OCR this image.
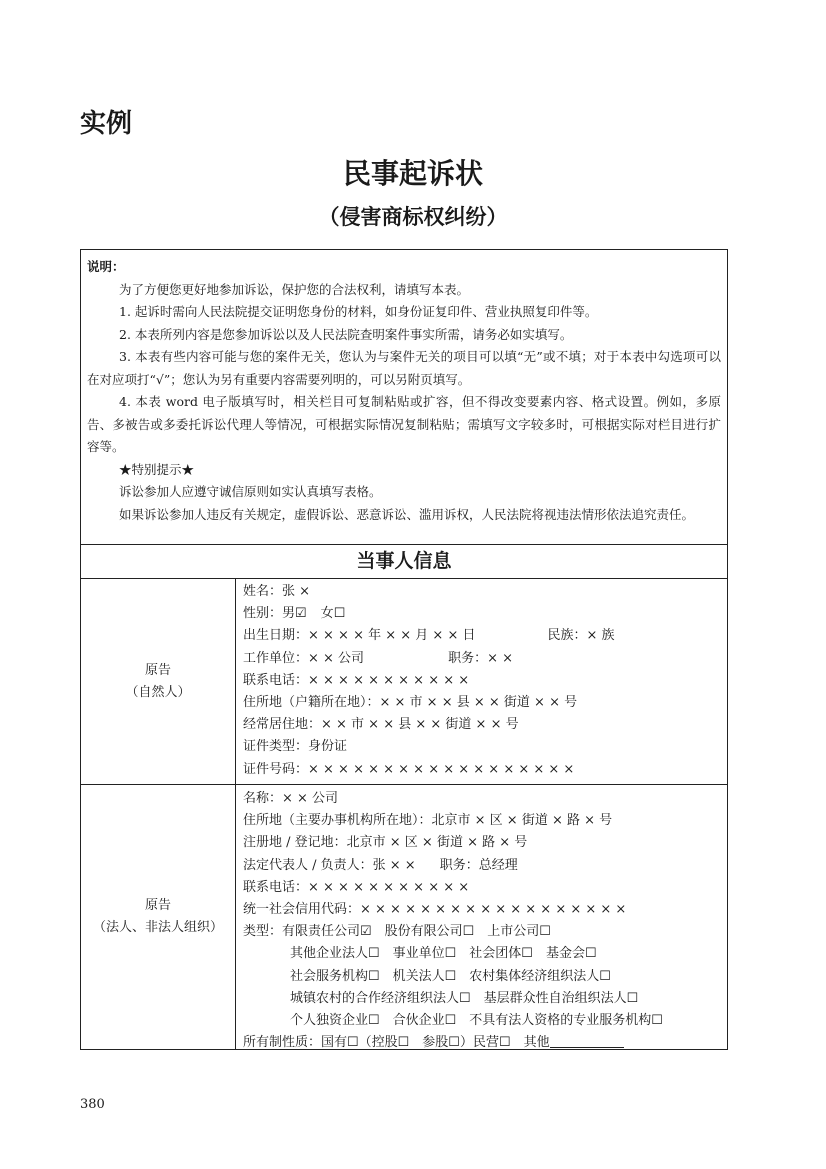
实例
民事起诉状
（侵害商标权纠纷）

说明：

为了方便您更好地参加诉讼，保护您的合法权利，请填写本表。

1. 起诉时需向人民法院提交证明您身份的材料，如身份证复印件、营业执照复印件等。

2. 本表所列内容是您参加诉讼以及人民法院查明案件事实所需，请务必如实填写。

3. 本表有些内容可能与您的案件无关，您认为与案件无关的项目可以填“无”或不填；对于本表中勾选项可以在对应项打“√”；您认为另有重要内容需要列明的，可以另附页填写。

4. 本表 word 电子版填写时，相关栏目可复制粘贴或扩容，但不得改变要素内容、格式设置。例如，多原告、多被告或多委托诉讼代理人等情况，可根据实际情况复制粘贴；需填写文字较多时，可根据实际对栏目进行扩容等。

★特别提示★

诉讼参加人应遵守诚信原则如实认真填写表格。

如果诉讼参加人违反有关规定，虚假诉讼、恶意诉讼、滥用诉权，人民法院将视违法情形依法追究责任。

当事人信息
原告
（自然人）
姓名：张 ×
性别：男☑ 女☐
出生日期：× × × × 年 × × 月 × × 日	民族：× 族
工作单位：× × 公司	职务：× ×
联系电话：× × × × × × × × × × ×
住所地（户籍所在地）：× × 市 × × 县 × × 街道 × × 号
经常居住地：× × 市 × × 县 × × 街道 × × 号
证件类型：身份证
证件号码：× × × × × × × × × × × × × × × × × ×
原告
（法人、非法人组织）
名称：× × 公司
住所地（主要办事机构所在地）：北京市 × 区 × 街道 × 路 × 号
注册地 / 登记地：北京市 × 区 × 街道 × 路 × 号
法定代表人 / 负责人：张 × × 职务：总经理
联系电话：× × × × × × × × × × ×
统一社会信用代码：× × × × × × × × × × × × × × × × × ×
类型：有限责任公司☑　股份有限公司☐　上市公司☐
其他企业法人☐　事业单位☐　社会团体☐　基金会☐
社会服务机构☐　机关法人☐　农村集体经济组织法人☐
城镇农村的合作经济组织法人☐　基层群众性自治组织法人☐
个人独资企业☐　合伙企业☐　不具有法人资格的专业服务机构☐
所有制性质：国有☐（控股☐　参股☐）民营☐　其他
380
